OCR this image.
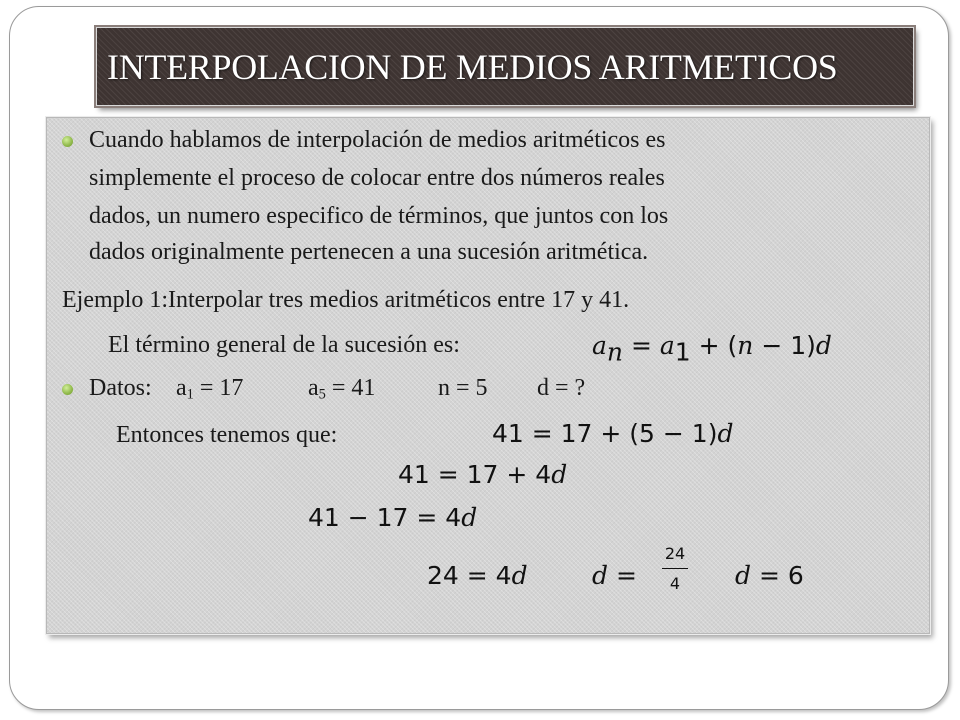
INTERPOLACION DE MEDIOS ARITMETICOS
Cuando hablamos de interpolación de medios aritméticos es
simplemente el proceso de colocar entre dos números reales
dados, un numero especifico de términos, que juntos con los
dados originalmente pertenecen a una sucesión aritmética.
Ejemplo 1:Interpolar tres medios aritméticos entre 17 y 41.
El término general de la sucesión es:	$a_n = a_1 + (n - 1)d$
Datos: $a_1 = 17$	$a_5 = 41$	n = 5 d = ?
Entonces tenemos que:	41 = 17 + (5 − 1)d
41 = 17 + 4d
41 − 17 = 4d
24 = 4d	d =
24
4 d = 6
